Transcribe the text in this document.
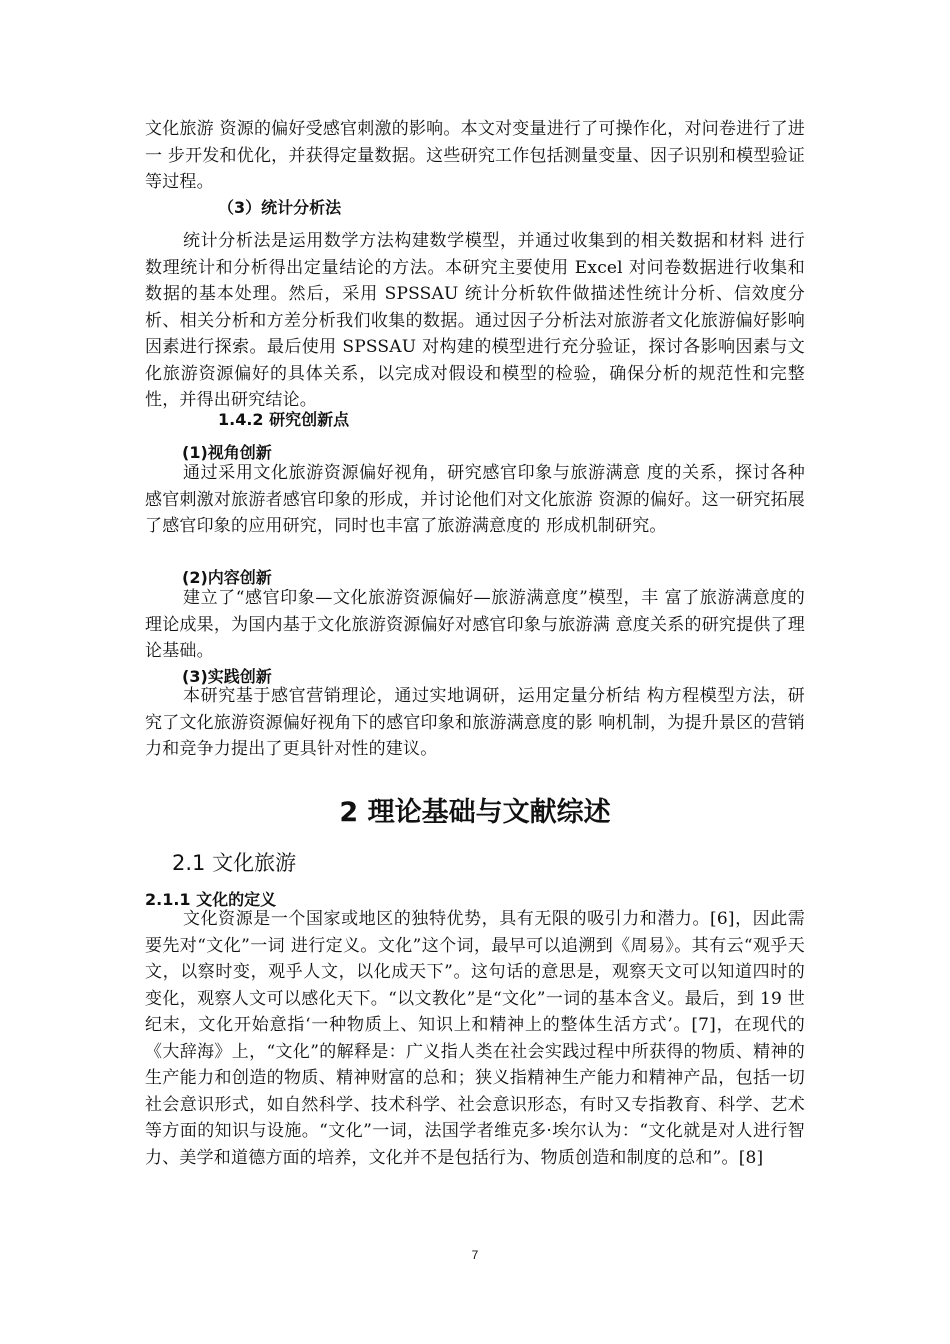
文化旅游 资源的偏好受感官刺激的影响。本文对变量进行了可操作化，对问卷进行了进一 步开发和优化，并获得定量数据。这些研究工作包括测量变量、因子识别和模型验证等过程。

（3）统计分析法

统计分析法是运用数学方法构建数学模型，并通过收集到的相关数据和材料 进行数理统计和分析得出定量结论的方法。本研究主要使用 Excel 对问卷数据进行收集和数据的基本处理。然后，采用 SPSSAU 统计分析软件做描述性统计分析、信效度分析、相关分析和方差分析我们收集的数据。通过因子分析法对旅游者文化旅游偏好影响因素进行探索。最后使用 SPSSAU 对构建的模型进行充分验证，探讨各影响因素与文化旅游资源偏好的具体关系，以完成对假设和模型的检验，确保分析的规范性和完整性，并得出研究结论。

1.4.2 研究创新点

(1)视角创新

通过采用文化旅游资源偏好视角，研究感官印象与旅游满意 度的关系，探讨各种感官刺激对旅游者感官印象的形成，并讨论他们对文化旅游 资源的偏好。这一研究拓展了感官印象的应用研究，同时也丰富了旅游满意度的 形成机制研究。

(2)内容创新

建立了“感官印象—文化旅游资源偏好—旅游满意度”模型，丰 富了旅游满意度的理论成果，为国内基于文化旅游资源偏好对感官印象与旅游满 意度关系的研究提供了理论基础。

(3)实践创新

本研究基于感官营销理论，通过实地调研，运用定量分析结 构方程模型方法，研究了文化旅游资源偏好视角下的感官印象和旅游满意度的影 响机制，为提升景区的营销力和竞争力提出了更具针对性的建议。

2 理论基础与文献综述
2.1 文化旅游

2.1.1 文化的定义

文化资源是一个国家或地区的独特优势，具有无限的吸引力和潜力。[6]，因此需要先对“文化”一词 进行定义。文化”这个词，最早可以追溯到《周易》。其有云“观乎天文，以察时变，观乎人文，以化成天下”。这句话的意思是，观察天文可以知道四时的变化，观察人文可以感化天下。“以文教化”是“文化”一词的基本含义。最后，到 19 世纪末，文化开始意指‘一种物质上、知识上和精神上的整体生活方式’。[7]，在现代的《大辞海》上，“文化”的解释是：广义指人类在社会实践过程中所获得的物质、精神的生产能力和创造的物质、精神财富的总和；狭义指精神生产能力和精神产品，包括一切社会意识形式，如自然科学、技术科学、社会意识形态，有时又专指教育、科学、艺术等方面的知识与设施。“文化”一词，法国学者维克多·埃尔认为：“文化就是对人进行智力、美学和道德方面的培养，文化并不是包括行为、物质创造和制度的总和”。[8]

7
